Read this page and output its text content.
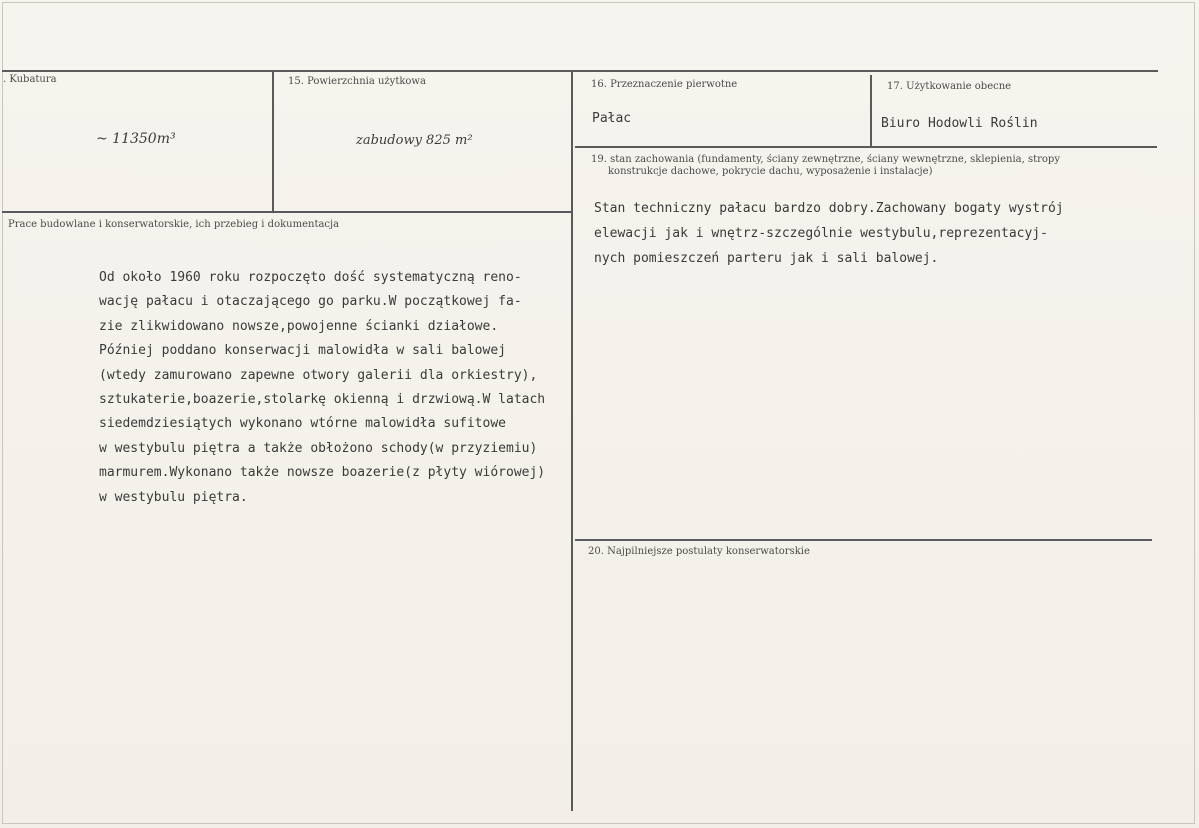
. Kubatura
~ 11350m³
15. Powierzchnia użytkowa
zabudowy 825 m²
16. Przeznaczenie pierwotne
Pałac
17. Użytkowanie obecne
Biuro Hodowli Roślin
Prace budowlane i konserwatorskie, ich przebieg i dokumentacja
Od około 1960 roku rozpoczęto dość systematyczną reno-
wację pałacu i otaczającego go parku.W początkowej fa-
zie zlikwidowano nowsze,powojenne ścianki działowe.
Później poddano konserwacji malowidła w sali balowej
(wtedy zamurowano zapewne otwory galerii dla orkiestry),
sztukaterie,boazerie,stolarkę okienną i drzwiową.W latach
siedemdziesiątych wykonano wtórne malowidła sufitowe
w westybulu piętra a także obłożono schody(w przyziemiu)
marmurem.Wykonano także nowsze boazerie(z płyty wiórowej)
w westybulu piętra.
19. stan zachowania (fundamenty, ściany zewnętrzne, ściany wewnętrzne, sklepienia, stropy
konstrukcje dachowe, pokrycie dachu, wyposażenie i instalacje)
Stan techniczny pałacu bardzo dobry.Zachowany bogaty wystrój
elewacji jak i wnętrz-szczególnie westybulu,reprezentacyj-
nych pomieszczeń parteru jak i sali balowej.
20. Najpilniejsze postulaty konserwatorskie
